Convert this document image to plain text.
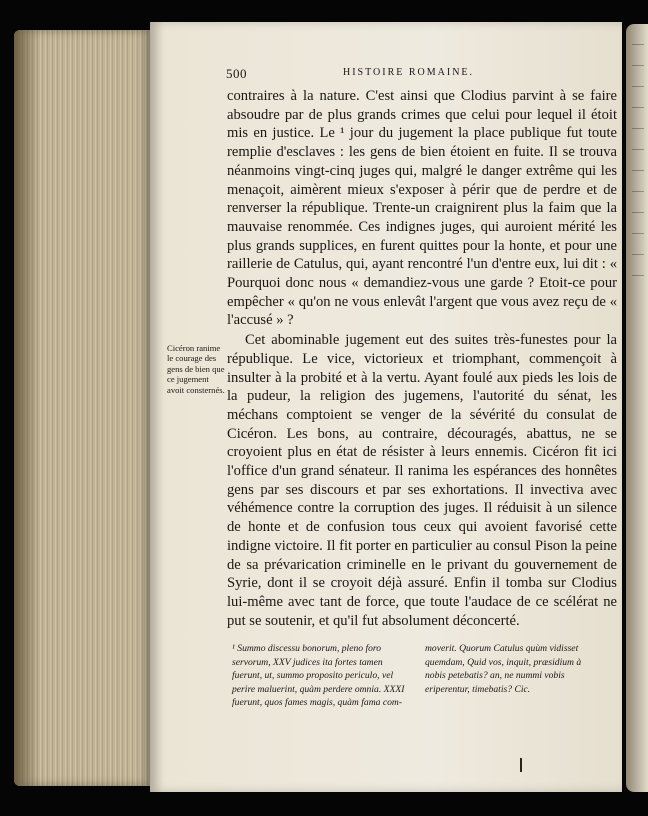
500	HISTOIRE ROMAINE.
Cicéron ranime le courage des gens de bien que ce jugement avoit consternés.

contraires à la nature. C'est ainsi que Clodius parvint à se faire absoudre par de plus grands crimes que celui pour lequel il étoit mis en justice. Le ¹ jour du jugement la place publique fut toute remplie d'esclaves : les gens de bien étoient en fuite. Il se trouva néanmoins vingt-cinq juges qui, malgré le danger extrême qui les menaçoit, aimèrent mieux s'exposer à périr que de perdre et de renverser la république. Trente-un craignirent plus la faim que la mauvaise renommée. Ces indignes juges, qui auroient mérité les plus grands supplices, en furent quittes pour la honte, et pour une raillerie de Catulus, qui, ayant rencontré l'un d'entre eux, lui dit : « Pourquoi donc nous « demandiez-vous une garde ? Etoit-ce pour empêcher « qu'on ne vous enlevât l'argent que vous avez reçu de « l'accusé » ?

Cet abominable jugement eut des suites très-funestes pour la république. Le vice, victorieux et triomphant, commençoit à insulter à la probité et à la vertu. Ayant foulé aux pieds les lois de la pudeur, la religion des jugemens, l'autorité du sénat, les méchans comptoient se venger de la sévérité du consulat de Cicéron. Les bons, au contraire, découragés, abattus, ne se croyoient plus en état de résister à leurs ennemis. Cicéron fit ici l'office d'un grand sénateur. Il ranima les espérances des honnêtes gens par ses discours et par ses exhortations. Il invectiva avec véhémence contre la corruption des juges. Il réduisit à un silence de honte et de confusion tous ceux qui avoient favorisé cette indigne victoire. Il fit porter en particulier au consul Pison la peine de sa prévarication criminelle en le privant du gouvernement de Syrie, dont il se croyoit déjà assuré. Enfin il tomba sur Clodius lui-même avec tant de force, que toute l'audace de ce scélérat ne put se soutenir, et qu'il fut absolument déconcerté.

¹ Summo discessu bonorum, pleno foro servorum, XXV judices ita fortes tamen fuerunt, ut, summo proposito periculo, vel perire maluerint, quàm perdere omnia. XXXI fuerunt, quos fames magis, quàm fama com-
moverit. Quorum Catulus quùm vidisset quemdam, Quid vos, inquit, præsidium à nobis petebatis? an, ne nummi vobis eriperentur, timebatis? Cic.
